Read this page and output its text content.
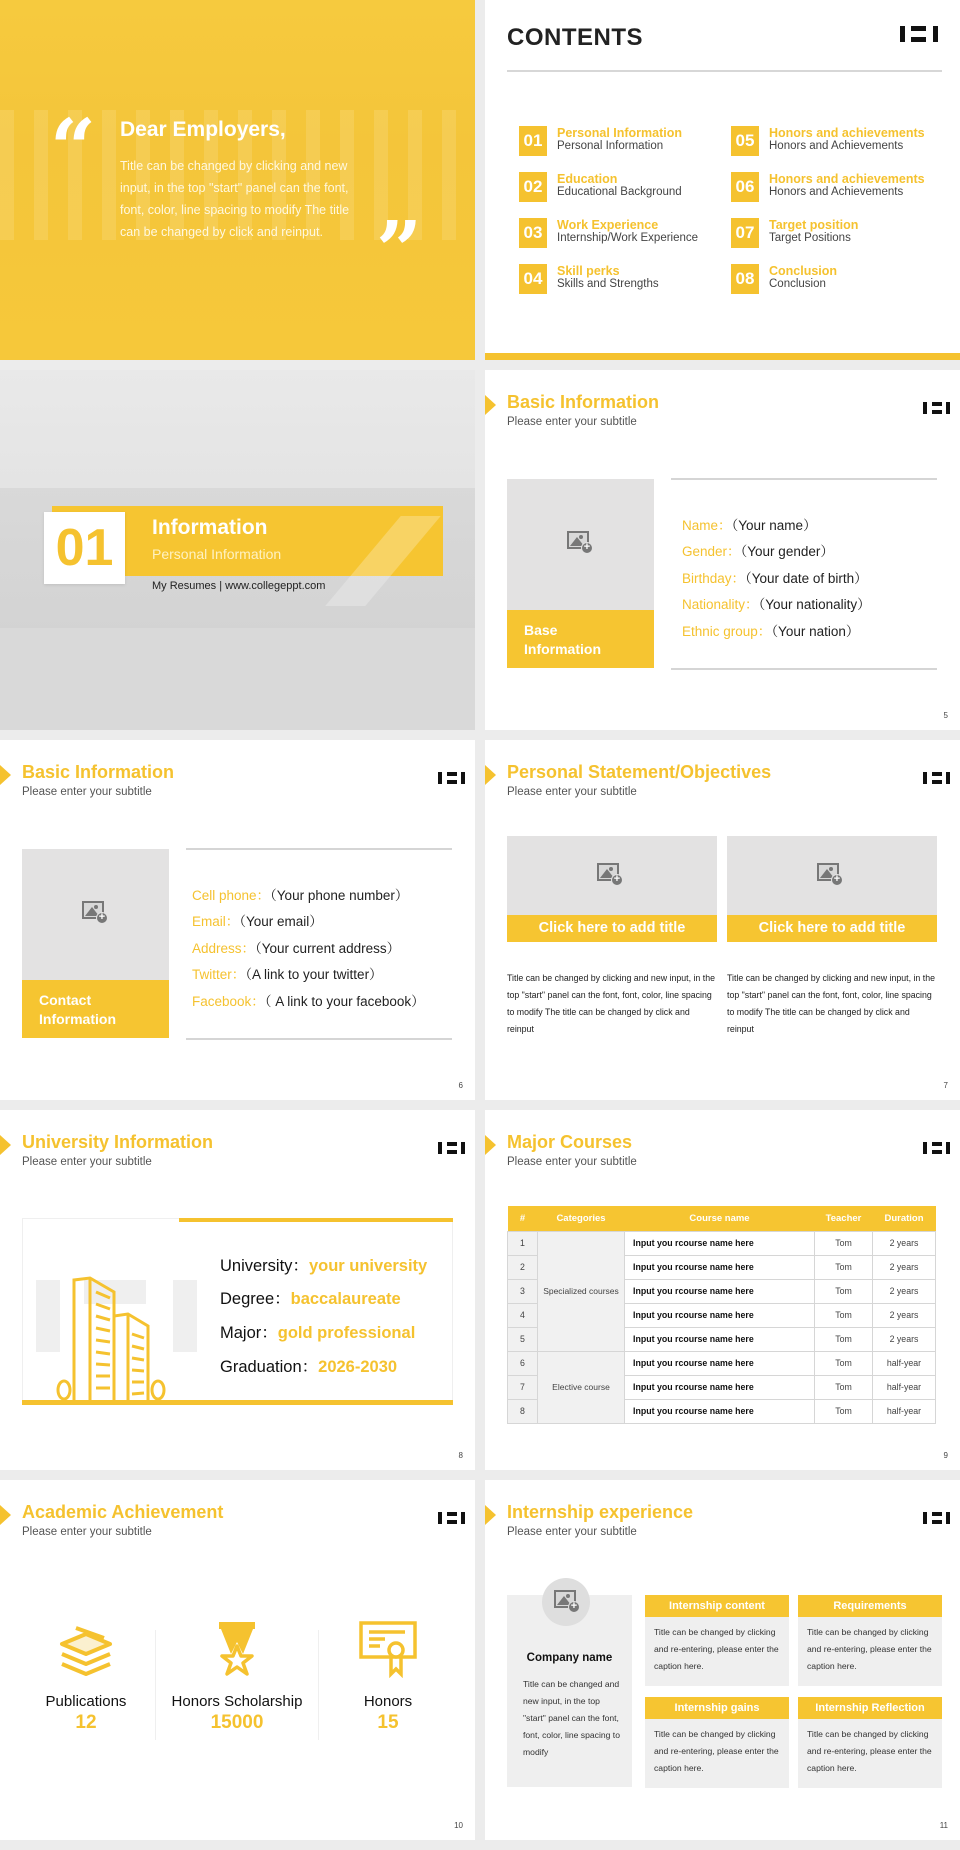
“ Dear Employers,

Title can be changed by clicking and new input, in the top "start" panel can the font, font, color, line spacing to modify The title can be changed by click and reinput. ”
CONTENTS
01	Personal Information
Personal Information
02	Education
Educational Background
03	Work Experience
Internship/Work Experience
04	Skill perks
Skills and Strengths
05	Honors and achievements
Honors and Achievements
06	Honors and achievements
Honors and Achievements
07	Target position
Target Positions
08	Conclusion
Conclusion
01	Information
Personal Information
My Resumes | www.collegeppt.com
Basic Information
Please enter your subtitle
+
Base Information
Name：（Your name）
Gender：（Your gender）
Birthday：（Your date of birth）
Nationality：（Your nationality）
Ethnic group：（Your nation）
5
Basic Information
Please enter your subtitle
+
Contact Information
Cell phone：（Your phone number）
Email：（Your email）
Address：（Your current address）
Twitter：（A link to your twitter）
Facebook：（ A link to your facebook）
6
Personal Statement/Objectives
Please enter your subtitle
+
Click here to add title
Title can be changed by clicking and new input, in the top "start" panel can the font, font, color, line spacing to modify The title can be changed by click and reinput
+
Click here to add title
Title can be changed by clicking and new input, in the top "start" panel can the font, font, color, line spacing to modify The title can be changed by click and reinput
7
University Information
Please enter your subtitle
University：your university
Degree：baccalaureate
Major：gold professional
Graduation：2026-2030
8
Major Courses
Please enter your subtitle
#	Categories	Course name	Teacher	Duration
1	Specialized courses	Input you rcourse name here	Tom	2 years
2		Input you rcourse name here	Tom	2 years
3		Input you rcourse name here	Tom	2 years
4		Input you rcourse name here	Tom	2 years
5		Input you rcourse name here	Tom	2 years
6	Elective course	Input you rcourse name here	Tom	half-year
7		Input you rcourse name here	Tom	half-year
8		Input you rcourse name here	Tom	half-year
9
Academic Achievement
Please enter your subtitle
Publications
12
Honors Scholarship
15000
Honors
15
10
Internship experience
Please enter your subtitle
+
Company name
Title can be changed and new input, in the top "start" panel can the font, font, color, line spacing to modify
Internship content
Title can be changed by clicking and re-entering, please enter the caption here.
Requirements
Title can be changed by clicking and re-entering, please enter the caption here.
Internship gains
Title can be changed by clicking and re-entering, please enter the caption here.
Internship Reflection
Title can be changed by clicking and re-entering, please enter the caption here.
11
